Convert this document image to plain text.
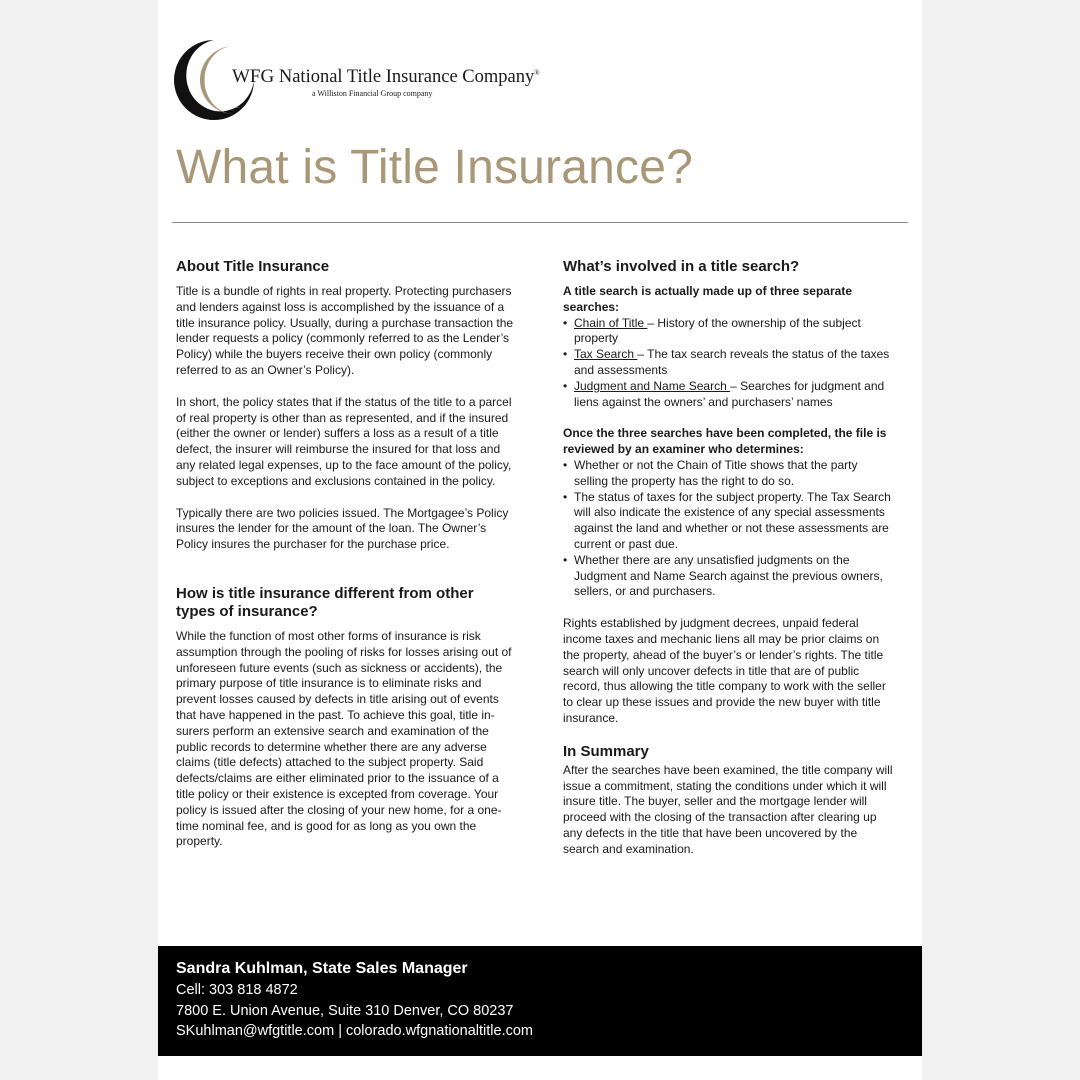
WFG National Title Insurance Company®
a Williston Financial Group company
What is Title Insurance?
About Title Insurance

Title is a bundle of rights in real property. Protecting purchasers and lenders against loss is accomplished by the issuance of a title insurance policy. Usually, during a purchase transaction the lender requests a policy (commonly referred to as the Lender’s Policy) while the buyers receive their own policy (commonly referred to as an Owner’s Policy).

In short, the policy states that if the status of the title to a parcel of real property is other than as represented, and if the insured (either the owner or lender) suffers a loss as a result of a title defect, the insurer will reimburse the insured for that loss and any related legal expenses, up to the face amount of the policy, subject to exceptions and exclusions contained in the policy.

Typically there are two policies issued. The Mortgagee’s Policy insures the lender for the amount of the loan. The Owner’s Policy insures the purchaser for the purchase price.

How is title insurance different from other types of insurance?

While the function of most other forms of insurance is risk assumption through the pooling of risks for losses arising out of unforeseen future events (such as sickness or accidents), the primary purpose of title insurance is to eliminate risks and prevent losses caused by defects in title arising out of events that have happened in the past. To achieve this goal, title in-surers perform an extensive search and examination of the public records to determine whether there are any adverse claims (title defects) attached to the subject property. Said defects/claims are either eliminated prior to the issuance of a title policy or their existence is excepted from coverage. Your policy is issued after the closing of your new home, for a one-time nominal fee, and is good for as long as you own the property.

What’s involved in a title search?

A title search is actually made up of three separate searches:

• Chain of Title – History of the ownership of the subject property
• Tax Search – The tax search reveals the status of the taxes and assessments
• Judgment and Name Search – Searches for judgment and liens against the owners’ and purchasers’ names

Once the three searches have been completed, the file is reviewed by an examiner who determines:

• Whether or not the Chain of Title shows that the party selling the property has the right to do so.
• The status of taxes for the subject property. The Tax Search will also indicate the existence of any special assessments against the land and whether or not these assessments are current or past due.
• Whether there are any unsatisfied judgments on the Judgment and Name Search against the previous owners, sellers, or and purchasers.

Rights established by judgment decrees, unpaid federal income taxes and mechanic liens all may be prior claims on the property, ahead of the buyer’s or lender’s rights. The title search will only uncover defects in title that are of public record, thus allowing the title company to work with the seller to clear up these issues and provide the new buyer with title insurance.

In Summary

After the searches have been examined, the title company will issue a commitment, stating the conditions under which it will insure title. The buyer, seller and the mortgage lender will proceed with the closing of the transaction after clearing up any defects in the title that have been uncovered by the search and examination.

Sandra Kuhlman, State Sales Manager
Cell: 303 818 4872
7800 E. Union Avenue, Suite 310 Denver, CO 80237
SKuhlman@wfgtitle.com | colorado.wfgnationaltitle.com
